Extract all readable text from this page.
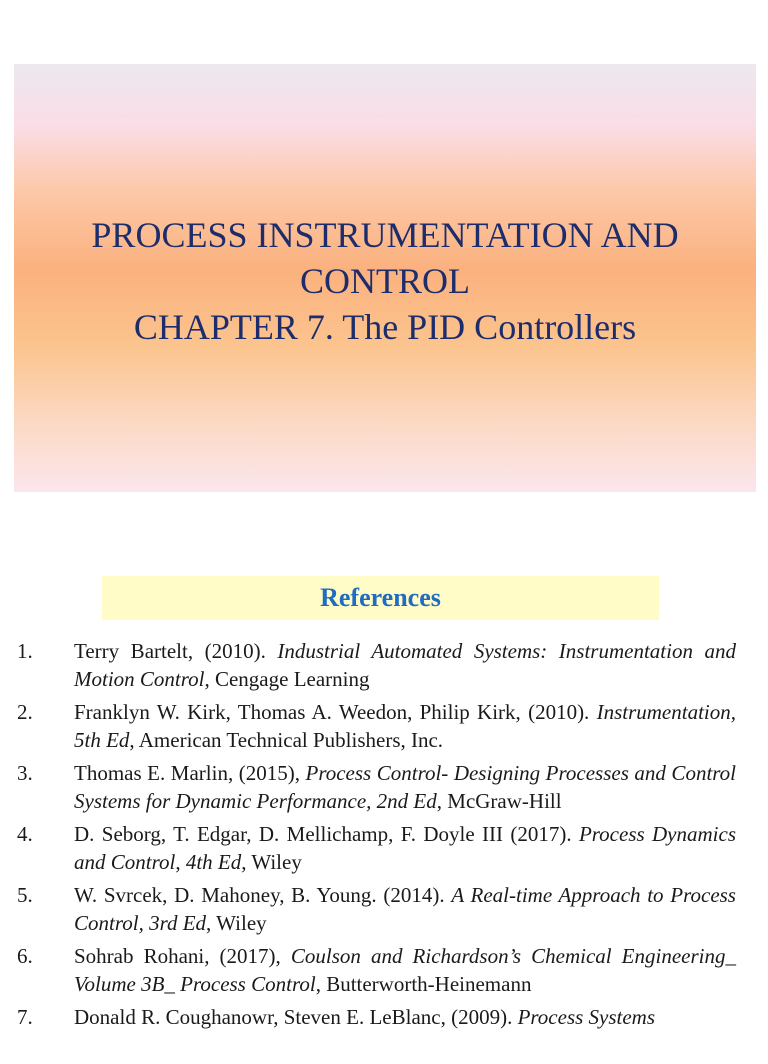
PROCESS INSTRUMENTATION AND
CONTROL
CHAPTER 7. The PID Controllers
References
1. Terry Bartelt, (2010). Industrial Automated Systems: Instrumentation and Motion Control, Cengage Learning
2. Franklyn W. Kirk, Thomas A. Weedon, Philip Kirk, (2010). Instrumentation, 5th Ed, American Technical Publishers, Inc.
3. Thomas E. Marlin, (2015), Process Control- Designing Processes and Control Systems for Dynamic Performance, 2nd Ed, McGraw-Hill
4. D. Seborg, T. Edgar, D. Mellichamp, F. Doyle III (2017). Process Dynamics and Control, 4th Ed, Wiley
5. W. Svrcek, D. Mahoney, B. Young. (2014). A Real-time Approach to Process Control, 3rd Ed, Wiley
6. Sohrab Rohani, (2017), Coulson and Richardson’s Chemical Engineering_ Volume 3B_ Process Control, Butterworth-Heinemann
7. Donald R. Coughanowr, Steven E. LeBlanc, (2009). Process Systems
